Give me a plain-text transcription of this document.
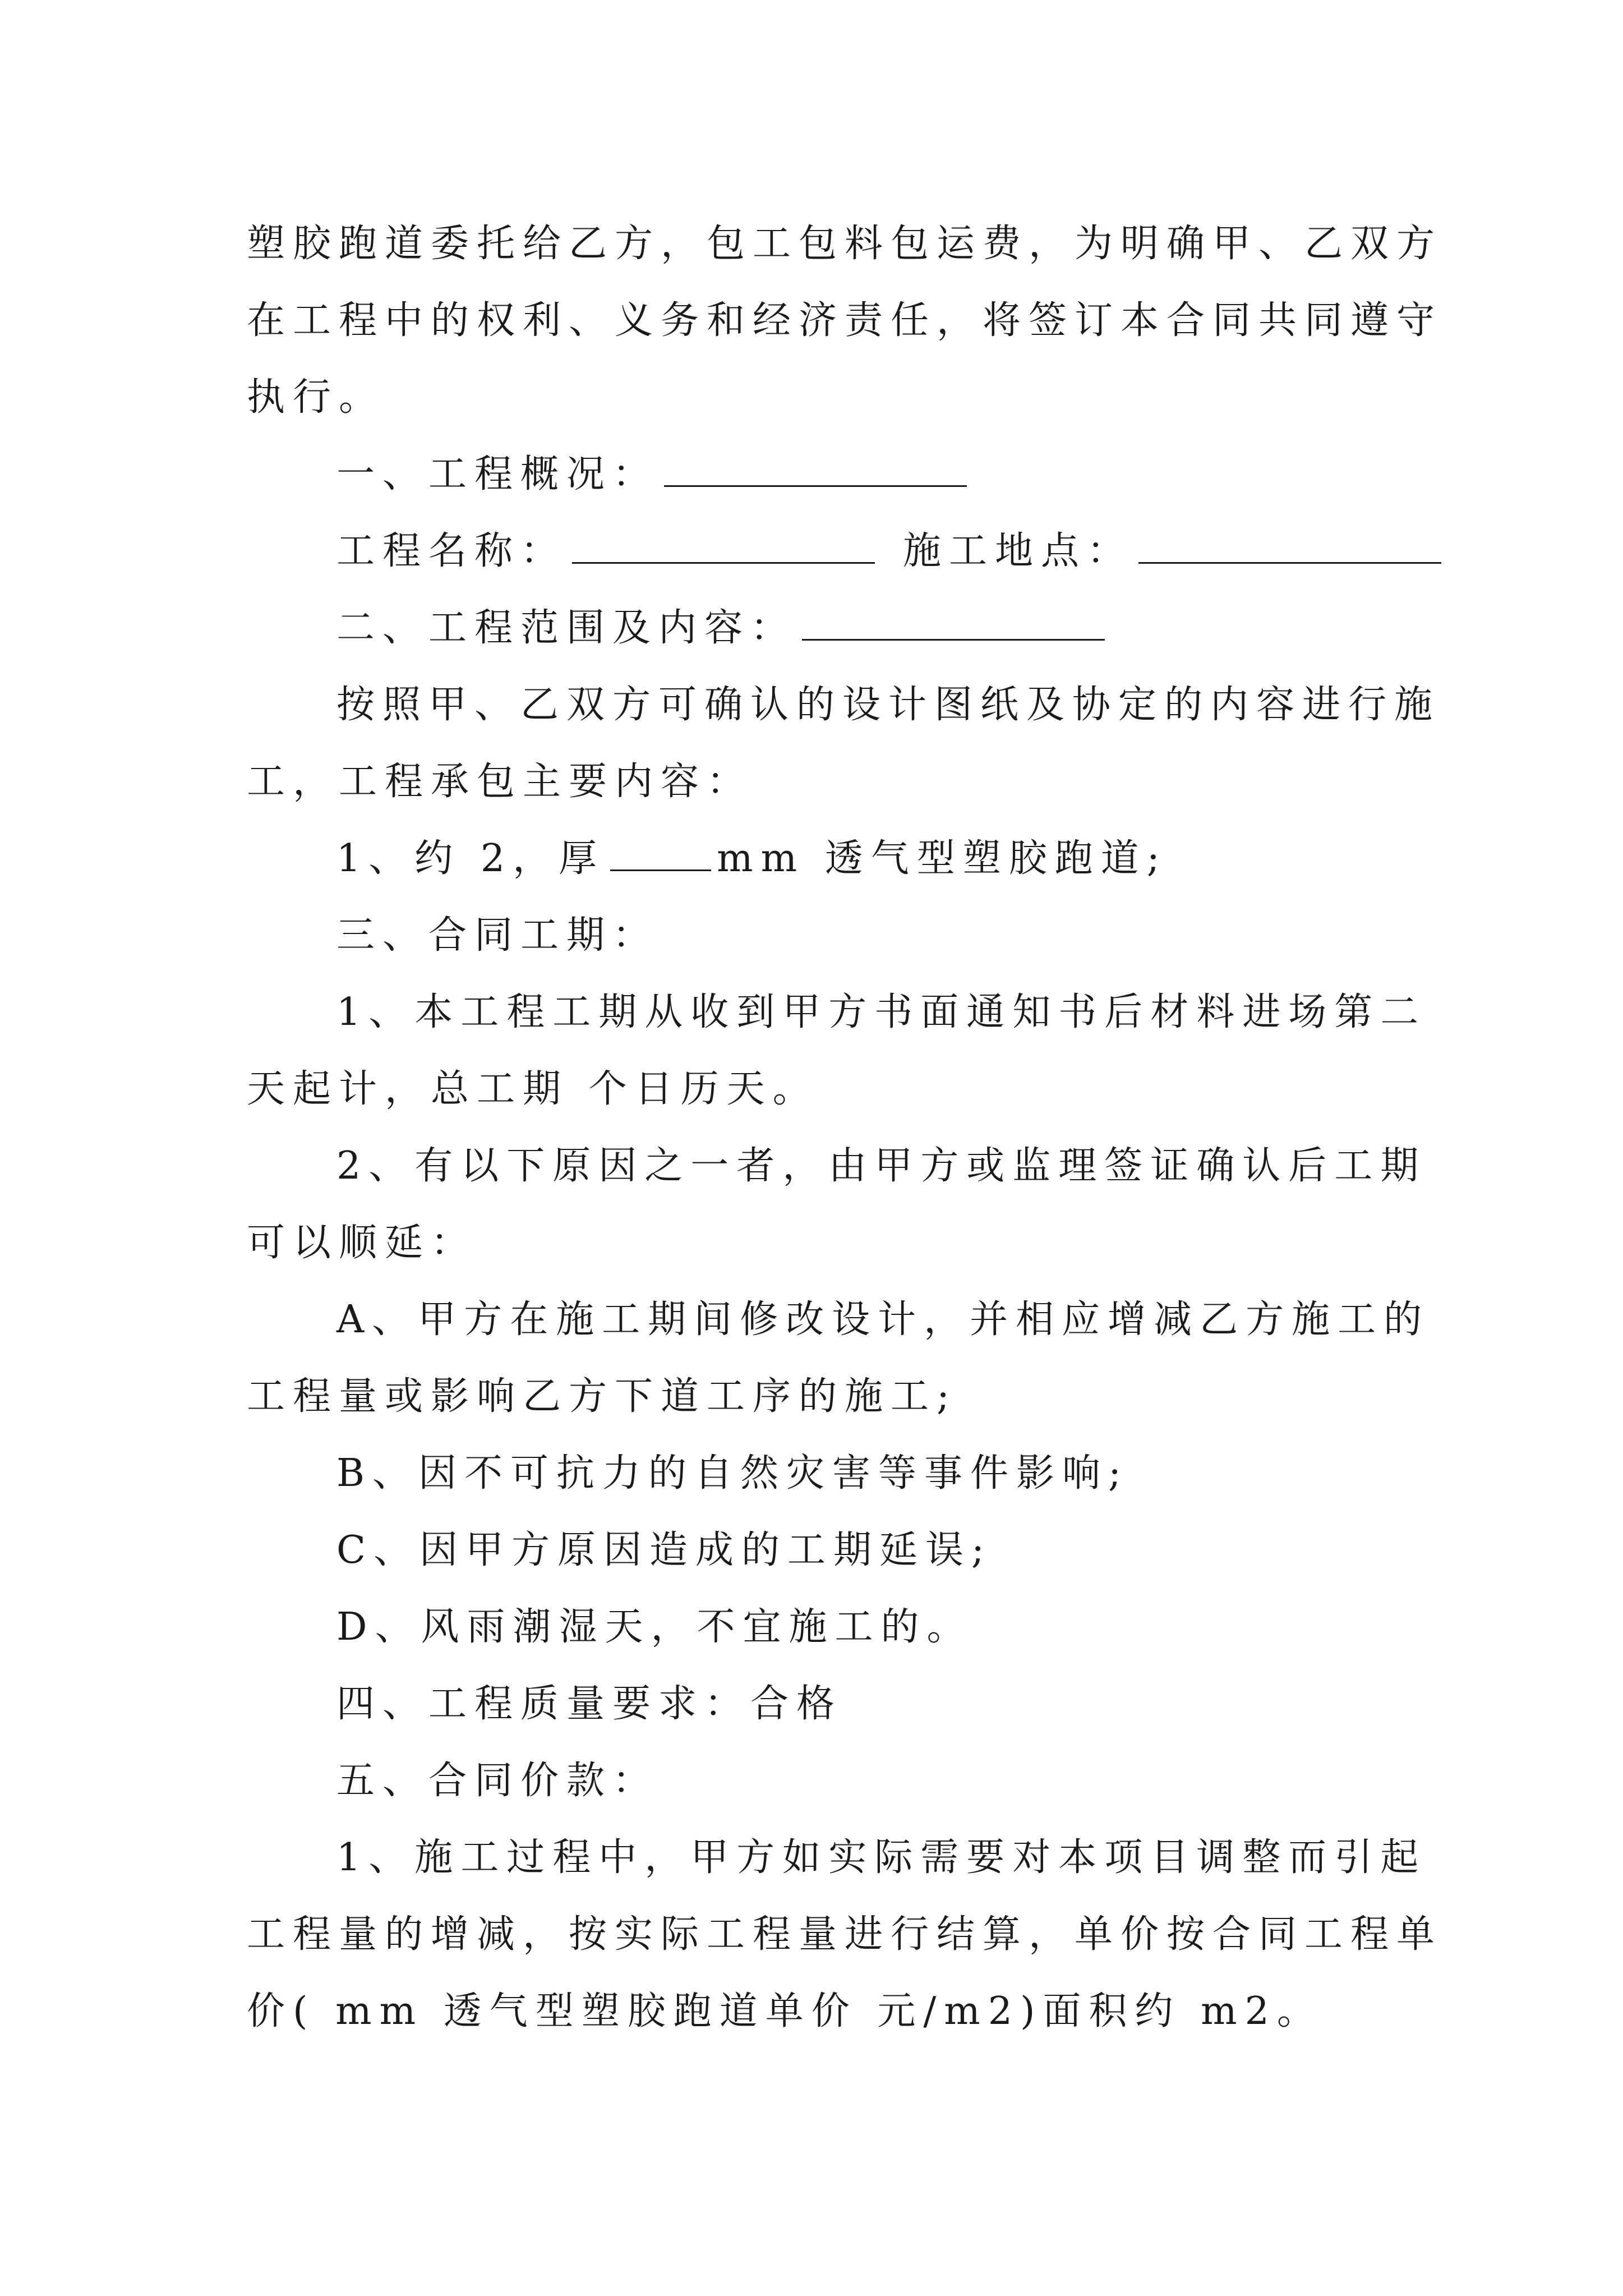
塑胶跑道委托给乙方，包工包料包运费，为明确甲、乙双方
在工程中的权利、义务和经济责任，将签订本合同共同遵守
执行。
一、工程概况：
工程名称：	施工地点：
二、工程范围及内容：
按照甲、乙双方可确认的设计图纸及协定的内容进行施
工，工程承包主要内容：
1、约 2，厚	mm 透气型塑胶跑道;
三、合同工期：
1、本工程工期从收到甲方书面通知书后材料进场第二
天起计，总工期 个日历天。
2、有以下原因之一者，由甲方或监理签证确认后工期
可以顺延：
A、甲方在施工期间修改设计，并相应增减乙方施工的
工程量或影响乙方下道工序的施工;
B、因不可抗力的自然灾害等事件影响;
C、因甲方原因造成的工期延误;
D、风雨潮湿天，不宜施工的。
四、工程质量要求：合格
五、合同价款：
1、施工过程中，甲方如实际需要对本项目调整而引起
工程量的增减，按实际工程量进行结算，单价按合同工程单
价( mm 透气型塑胶跑道单价 元/m2)面积约 m2。
